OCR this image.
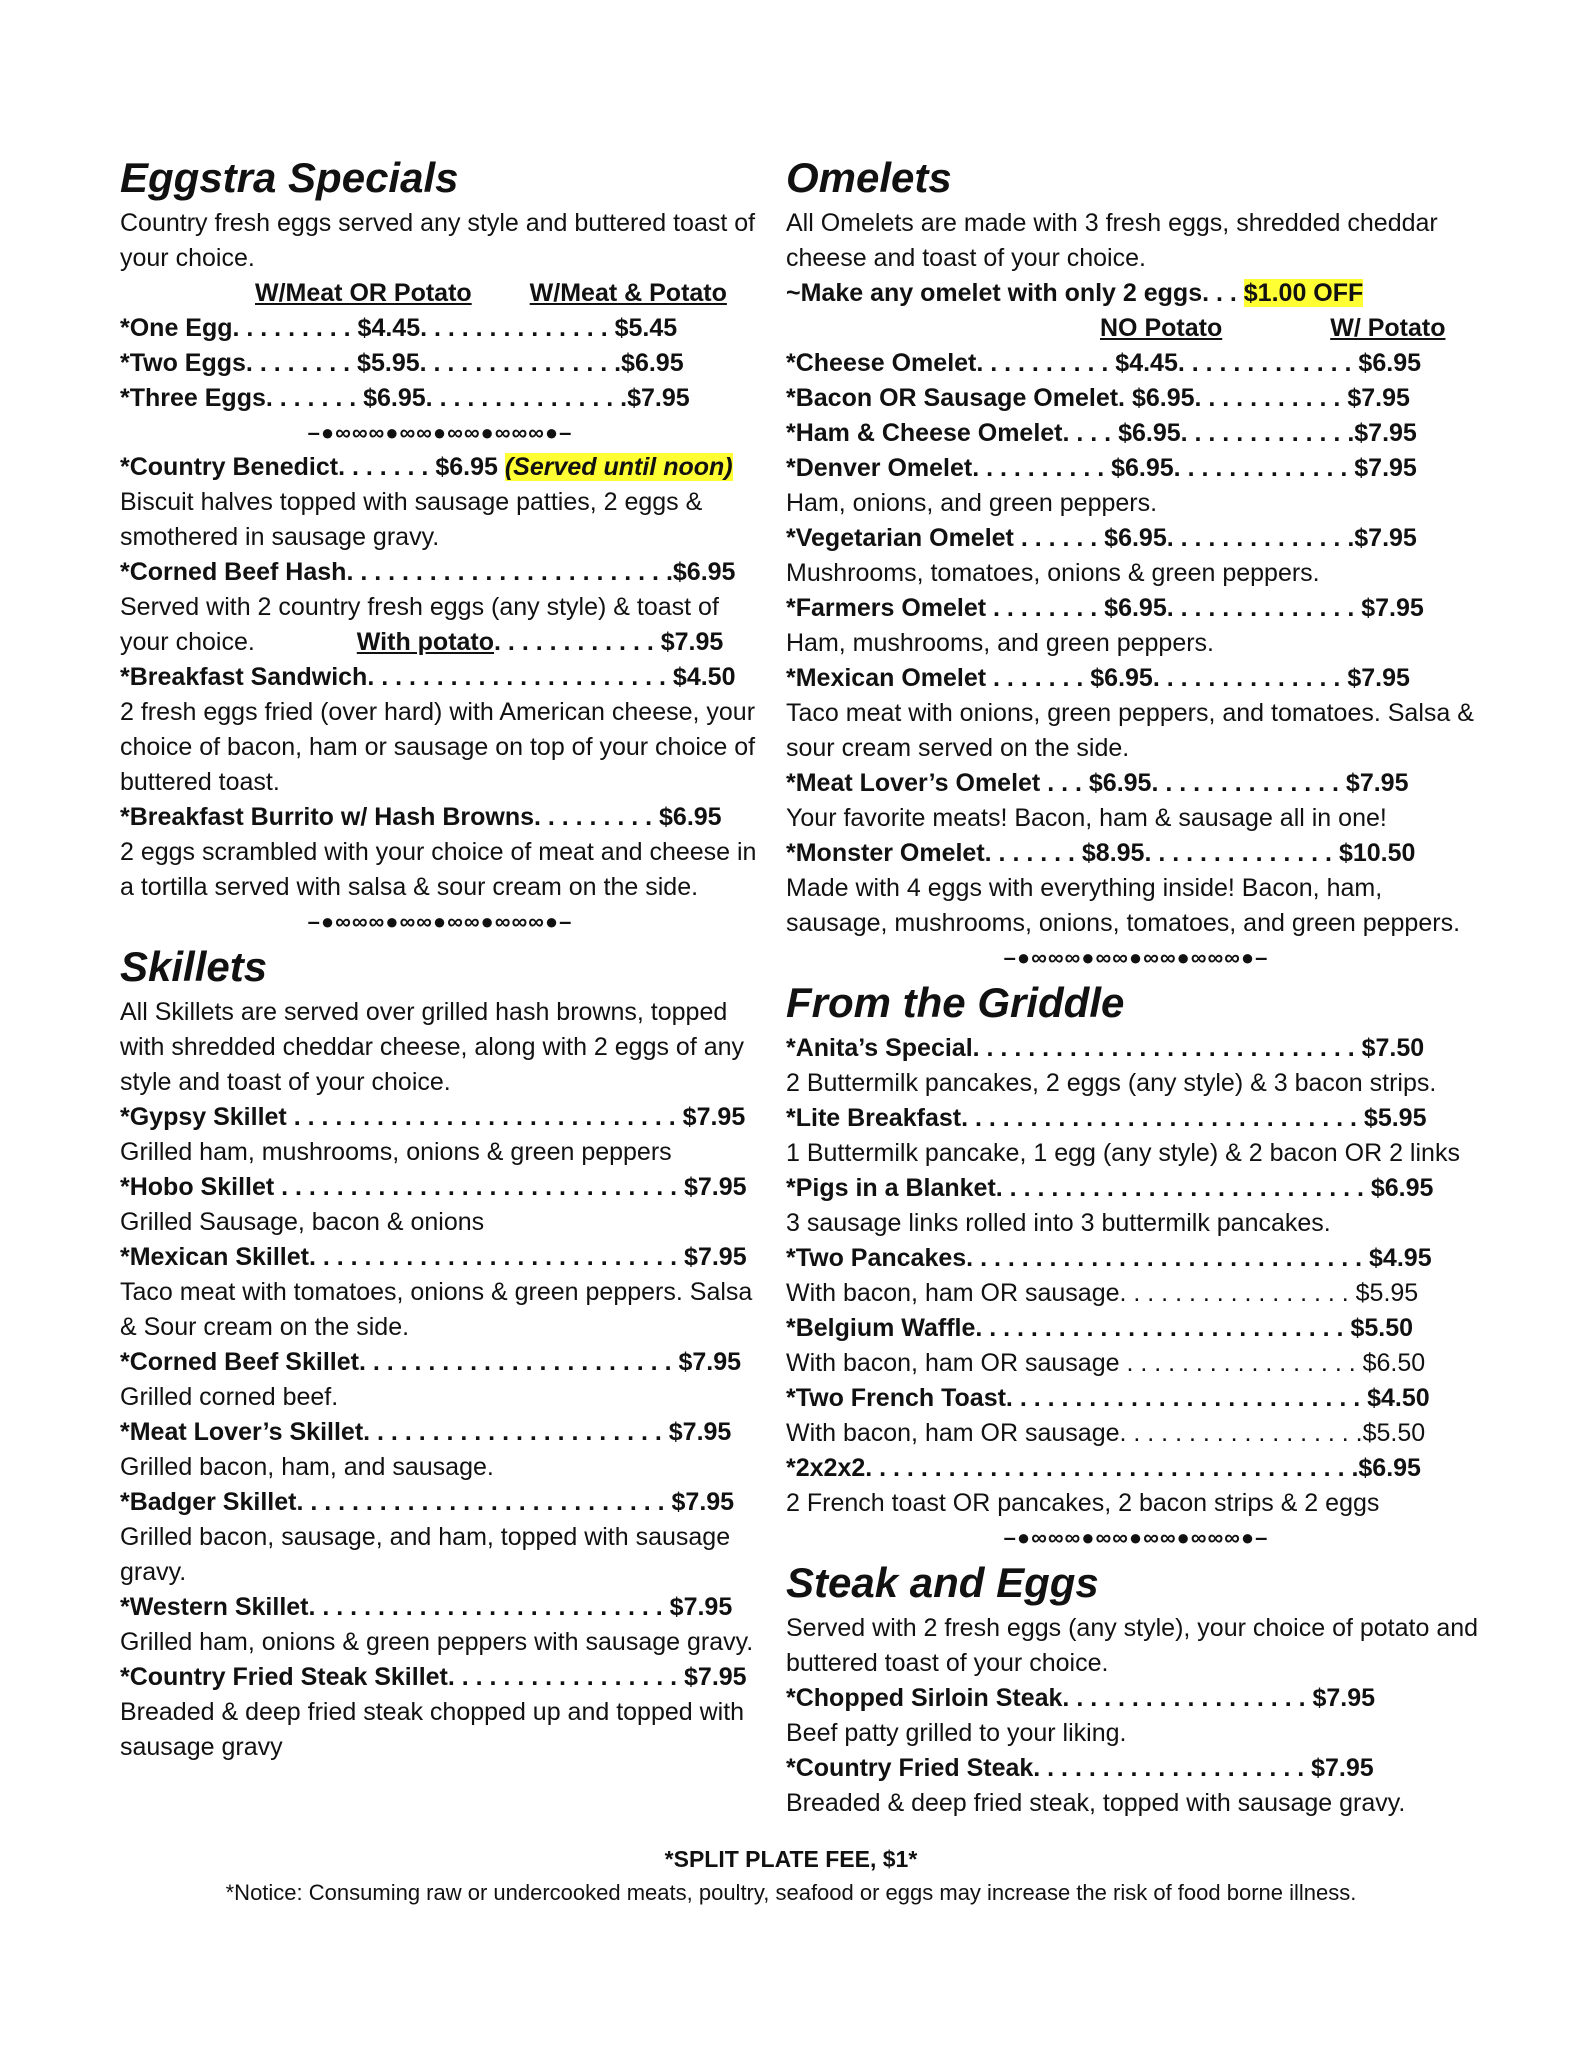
Eggstra Specials
Country fresh eggs served any style and buttered toast of your choice.
W/Meat OR Potato W/Meat & Potato
*One Egg. . . . . . . . . $4.45. . . . . . . . . . . . . . $5.45
*Two Eggs. . . . . . . . $5.95. . . . . . . . . . . . . . .$6.95
*Three Eggs. . . . . . . $6.95. . . . . . . . . . . . . . .$7.95
–●∞∞∞●∞∞●∞∞●∞∞∞●–
*Country Benedict. . . . . . . $6.95 (Served until noon)
Biscuit halves topped with sausage patties, 2 eggs & smothered in sausage gravy.
*Corned Beef Hash. . . . . . . . . . . . . . . . . . . . . . . .$6.95
Served with 2 country fresh eggs (any style) & toast of
your choice.	With potato. . . . . . . . . . . . $7.95
*Breakfast Sandwich. . . . . . . . . . . . . . . . . . . . . . $4.50
2 fresh eggs fried (over hard) with American cheese, your choice of bacon, ham or sausage on top of your choice of buttered toast.
*Breakfast Burrito w/ Hash Browns. . . . . . . . . $6.95
2 eggs scrambled with your choice of meat and cheese in a tortilla served with salsa & sour cream on the side.
–●∞∞∞●∞∞●∞∞●∞∞∞●–
Skillets
All Skillets are served over grilled hash browns, topped with shredded cheddar cheese, along with 2 eggs of any style and toast of your choice.
*Gypsy Skillet . . . . . . . . . . . . . . . . . . . . . . . . . . . . $7.95
Grilled ham, mushrooms, onions & green peppers
*Hobo Skillet . . . . . . . . . . . . . . . . . . . . . . . . . . . . . $7.95
Grilled Sausage, bacon & onions
*Mexican Skillet. . . . . . . . . . . . . . . . . . . . . . . . . . . $7.95
Taco meat with tomatoes, onions & green peppers. Salsa & Sour cream on the side.
*Corned Beef Skillet. . . . . . . . . . . . . . . . . . . . . . . $7.95
Grilled corned beef.
*Meat Lover’s Skillet. . . . . . . . . . . . . . . . . . . . . . $7.95
Grilled bacon, ham, and sausage.
*Badger Skillet. . . . . . . . . . . . . . . . . . . . . . . . . . . $7.95
Grilled bacon, sausage, and ham, topped with sausage gravy.
*Western Skillet. . . . . . . . . . . . . . . . . . . . . . . . . . $7.95
Grilled ham, onions & green peppers with sausage gravy.
*Country Fried Steak Skillet. . . . . . . . . . . . . . . . . $7.95
Breaded & deep fried steak chopped up and topped with sausage gravy
Omelets
All Omelets are made with 3 fresh eggs, shredded cheddar cheese and toast of your choice.
~Make any omelet with only 2 eggs. . . $1.00 OFF
NO Potato	W/ Potato
*Cheese Omelet. . . . . . . . . . $4.45. . . . . . . . . . . . . $6.95
*Bacon OR Sausage Omelet. $6.95. . . . . . . . . . . $7.95
*Ham & Cheese Omelet. . . . $6.95. . . . . . . . . . . . .$7.95
*Denver Omelet. . . . . . . . . . $6.95. . . . . . . . . . . . . $7.95
Ham, onions, and green peppers.
*Vegetarian Omelet . . . . . . $6.95. . . . . . . . . . . . . .$7.95
Mushrooms, tomatoes, onions & green peppers.
*Farmers Omelet . . . . . . . . $6.95. . . . . . . . . . . . . . $7.95
Ham, mushrooms, and green peppers.
*Mexican Omelet . . . . . . . $6.95. . . . . . . . . . . . . . $7.95
Taco meat with onions, green peppers, and tomatoes. Salsa & sour cream served on the side.
*Meat Lover’s Omelet . . . $6.95. . . . . . . . . . . . . . $7.95
Your favorite meats! Bacon, ham & sausage all in one!
*Monster Omelet. . . . . . . $8.95. . . . . . . . . . . . . . $10.50
Made with 4 eggs with everything inside! Bacon, ham, sausage, mushrooms, onions, tomatoes, and green peppers.
–●∞∞∞●∞∞●∞∞●∞∞∞●–
From the Griddle
*Anita’s Special. . . . . . . . . . . . . . . . . . . . . . . . . . . . $7.50
2 Buttermilk pancakes, 2 eggs (any style) & 3 bacon strips.
*Lite Breakfast. . . . . . . . . . . . . . . . . . . . . . . . . . . . . $5.95
1 Buttermilk pancake, 1 egg (any style) & 2 bacon OR 2 links
*Pigs in a Blanket. . . . . . . . . . . . . . . . . . . . . . . . . . . $6.95
3 sausage links rolled into 3 buttermilk pancakes.
*Two Pancakes. . . . . . . . . . . . . . . . . . . . . . . . . . . . . $4.95
With bacon, ham OR sausage. . . . . . . . . . . . . . . . . $5.95
*Belgium Waffle. . . . . . . . . . . . . . . . . . . . . . . . . . . $5.50
With bacon, ham OR sausage . . . . . . . . . . . . . . . . . $6.50
*Two French Toast. . . . . . . . . . . . . . . . . . . . . . . . . . $4.50
With bacon, ham OR sausage. . . . . . . . . . . . . . . . . .$5.50
*2x2x2. . . . . . . . . . . . . . . . . . . . . . . . . . . . . . . . . . . .$6.95
2 French toast OR pancakes, 2 bacon strips & 2 eggs
–●∞∞∞●∞∞●∞∞●∞∞∞●–
Steak and Eggs
Served with 2 fresh eggs (any style), your choice of potato and buttered toast of your choice.
*Chopped Sirloin Steak. . . . . . . . . . . . . . . . . . $7.95
Beef patty grilled to your liking.
*Country Fried Steak. . . . . . . . . . . . . . . . . . . . $7.95
Breaded & deep fried steak, topped with sausage gravy.
*SPLIT PLATE FEE, $1*
*Notice: Consuming raw or undercooked meats, poultry, seafood or eggs may increase the risk of food borne illness.
